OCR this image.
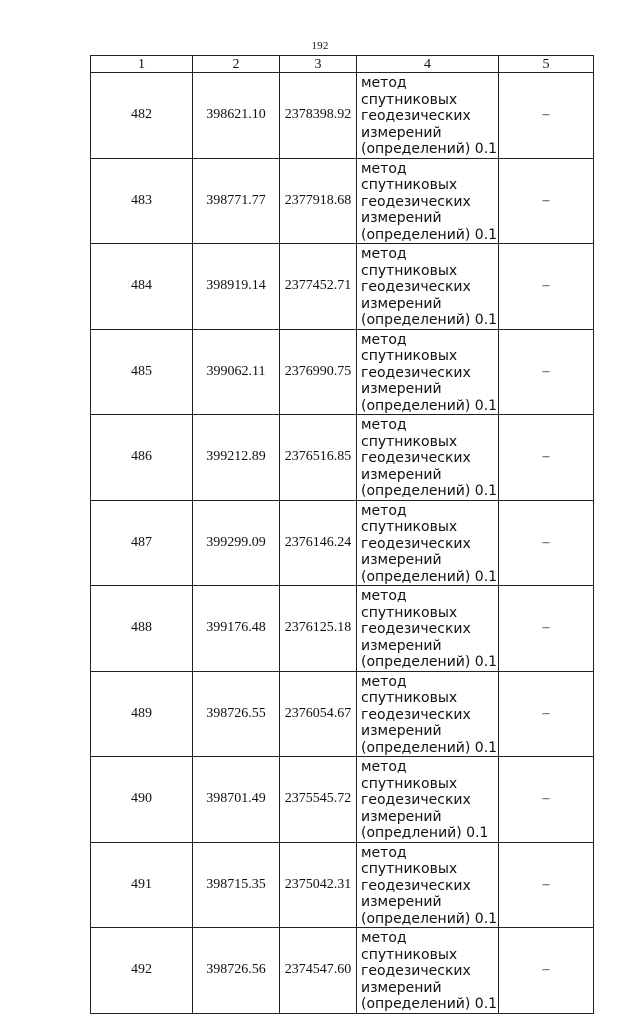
192
1	2	3	4	5
482	398621.10	2378398.92	метод спутниковых
геодезических
измерений
(определений) 0.1	–
483	398771.77	2377918.68	метод спутниковых
геодезических
измерений
(определений) 0.1	–
484	398919.14	2377452.71	метод спутниковых
геодезических
измерений
(определений) 0.1	–
485	399062.11	2376990.75	метод спутниковых
геодезических
измерений
(определений) 0.1	–
486	399212.89	2376516.85	метод спутниковых
геодезических
измерений
(определений) 0.1	–
487	399299.09	2376146.24	метод спутниковых
геодезических
измерений
(определений) 0.1	–
488	399176.48	2376125.18	метод спутниковых
геодезических
измерений
(определений) 0.1	–
489	398726.55	2376054.67	метод спутниковых
геодезических
измерений
(определений) 0.1	–
490	398701.49	2375545.72	метод спутниковых
геодезических
измерений
(опредлений) 0.1	–
491	398715.35	2375042.31	метод спутниковых
геодезических
измерений
(определений) 0.1	–
492	398726.56	2374547.60	метод спутниковых
геодезических
измерений
(определений) 0.1	–
